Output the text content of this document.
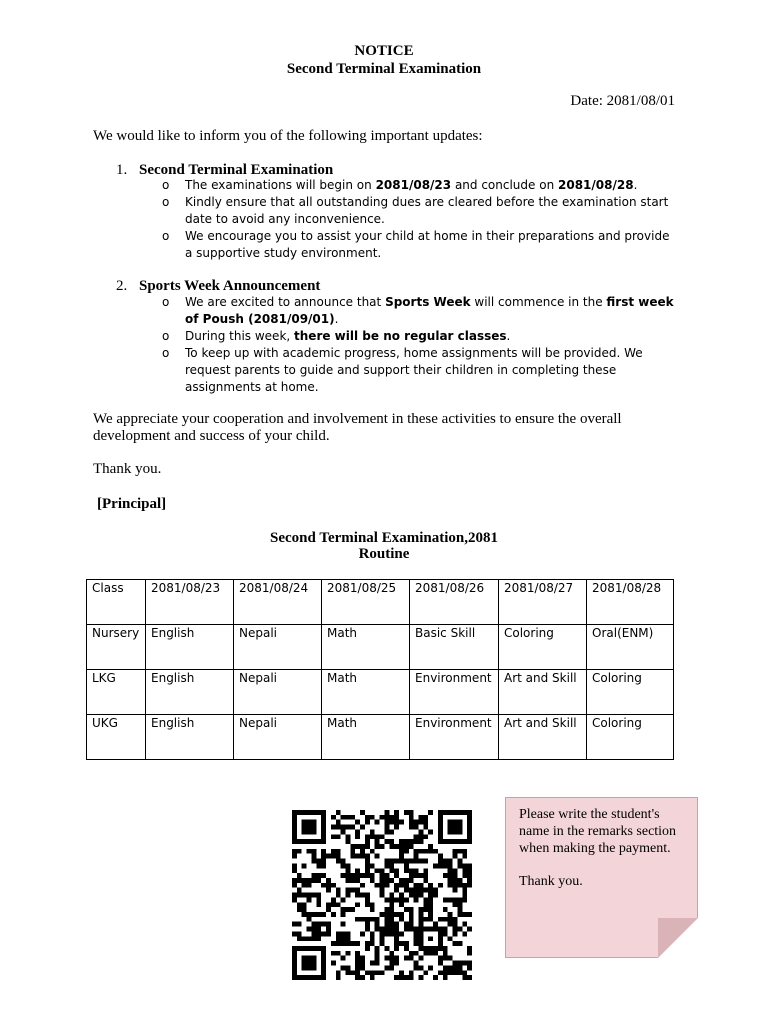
NOTICE
Second Terminal Examination
Date: 2081/08/01
We would like to inform you of the following important updates:
1. Second Terminal Examination
o The examinations will begin on 2081/08/23 and conclude on 2081/08/28.
o Kindly ensure that all outstanding dues are cleared before the examination start date to avoid any inconvenience.
o We encourage you to assist your child at home in their preparations and provide a supportive study environment.
2. Sports Week Announcement
o We are excited to announce that Sports Week will commence in the first week of Poush (2081/09/01).
o During this week, there will be no regular classes.
o To keep up with academic progress, home assignments will be provided. We request parents to guide and support their children in completing these assignments at home.
We appreciate your cooperation and involvement in these activities to ensure the overall development and success of your child.
Thank you.
[Principal]
Second Terminal Examination,2081
Routine
Class	2081/08/23	2081/08/24	2081/08/25	2081/08/26	2081/08/27	2081/08/28
Nursery	English	Nepali	Math	Basic Skill	Coloring	Oral(ENM)
LKG	English	Nepali	Math	Environment	Art and Skill	Coloring
UKG	English	Nepali	Math	Environment	Art and Skill	Coloring
Please write the student's name in the remarks section when making the payment.
Thank you.
